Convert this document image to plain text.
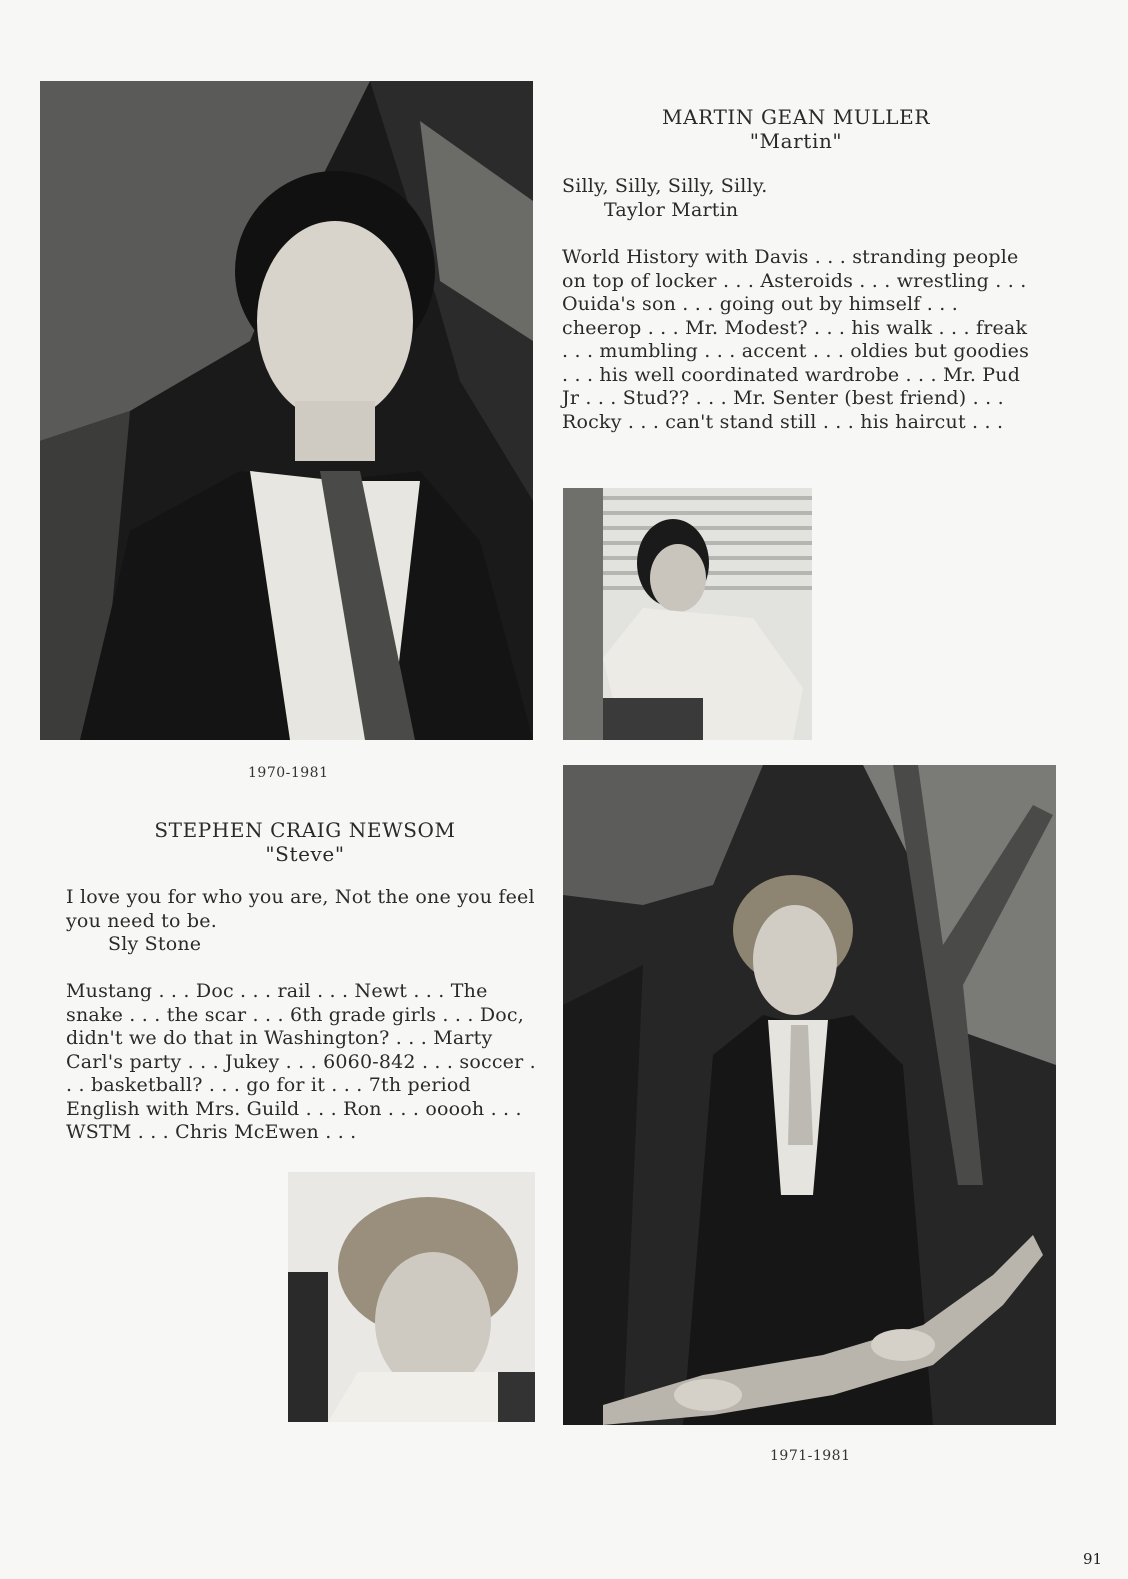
MARTIN GEAN MULLER
"Martin"

Silly, Silly, Silly, Silly.

Taylor Martin

World History with Davis . . . stranding people on top of locker . . . Asteroids . . . wrestling . . . Ouida's son . . . going out by himself . . . cheerop . . . Mr. Modest? . . . his walk . . . freak . . . mumbling . . . accent . . . oldies but goodies . . . his well coordinated wardrobe . . . Mr. Pud Jr . . . Stud?? . . . Mr. Senter (best friend) . . . Rocky . . . can't stand still . . . his haircut . . .
1970-1981
STEPHEN CRAIG NEWSOM
"Steve"

I love you for who you are, Not the one you feel you need to be.

Sly Stone

Mustang . . . Doc . . . rail . . . Newt . . . The snake . . . the scar . . . 6th grade girls . . . Doc, didn't we do that in Washington? . . . Marty Carl's party . . . Jukey . . . 6060-842 . . . soccer . . . basketball? . . . go for it . . . 7th period English with Mrs. Guild . . . Ron . . . ooooh . . . WSTM . . . Chris McEwen . . .
1971-1981
91
